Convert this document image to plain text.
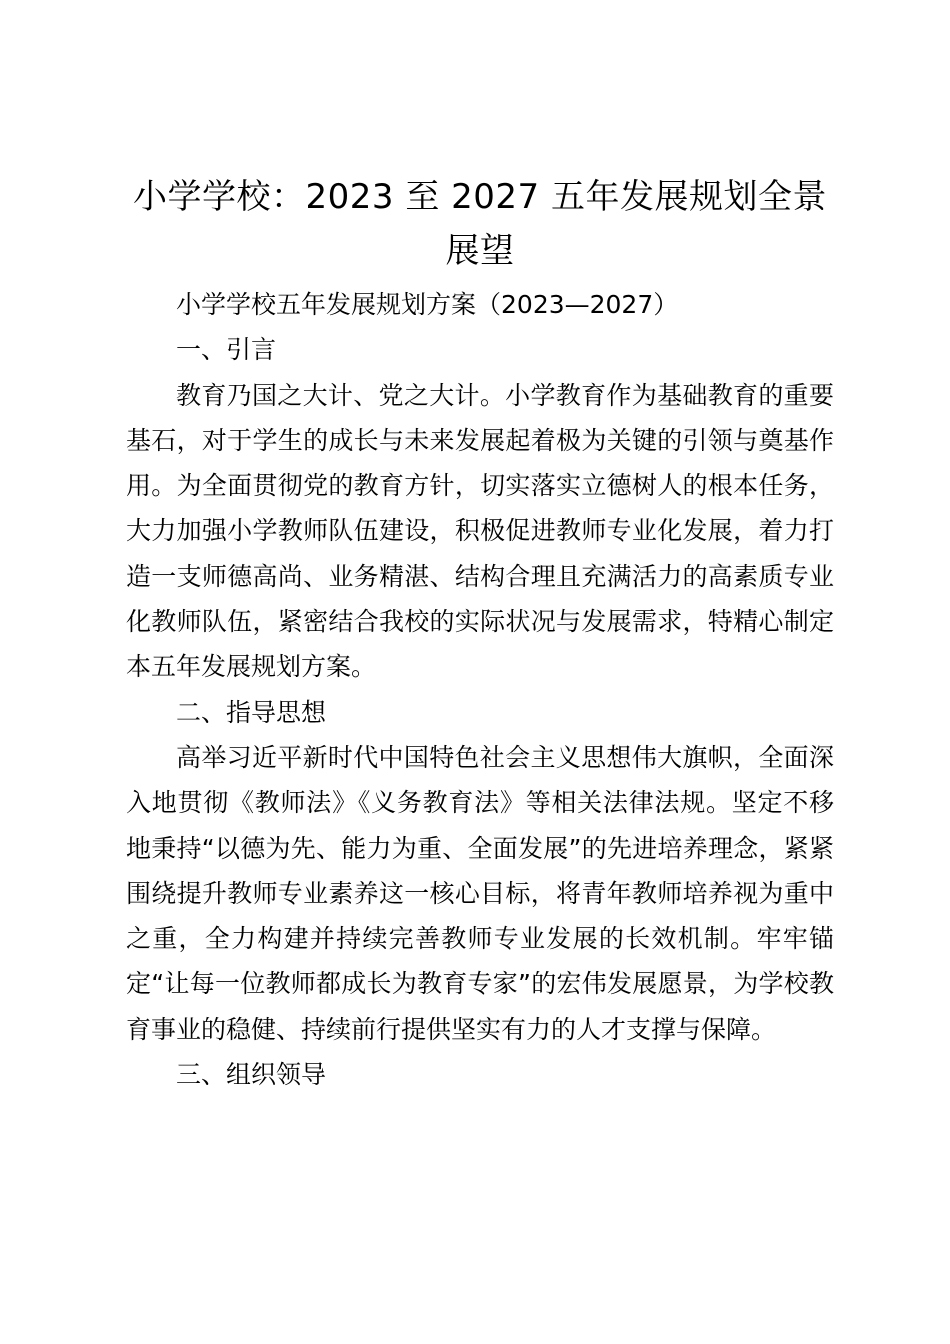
小学学校：2023 至 2027 五年发展规划全景展望

小学学校五年发展规划方案（2023—2027）

一、引言

教育乃国之大计、党之大计。小学教育作为基础教育的重要基石，对于学生的成长与未来发展起着极为关键的引领与奠基作用。为全面贯彻党的教育方针，切实落实立德树人的根本任务，大力加强小学教师队伍建设，积极促进教师专业化发展，着力打造一支师德高尚、业务精湛、结构合理且充满活力的高素质专业化教师队伍，紧密结合我校的实际状况与发展需求，特精心制定本五年发展规划方案。

二、指导思想

高举习近平新时代中国特色社会主义思想伟大旗帜，全面深入地贯彻《教师法》《义务教育法》等相关法律法规。坚定不移地秉持“以德为先、能力为重、全面发展”的先进培养理念，紧紧围绕提升教师专业素养这一核心目标，将青年教师培养视为重中之重，全力构建并持续完善教师专业发展的长效机制。牢牢锚定“让每一位教师都成长为教育专家”的宏伟发展愿景，为学校教育事业的稳健、持续前行提供坚实有力的人才支撑与保障。

三、组织领导
